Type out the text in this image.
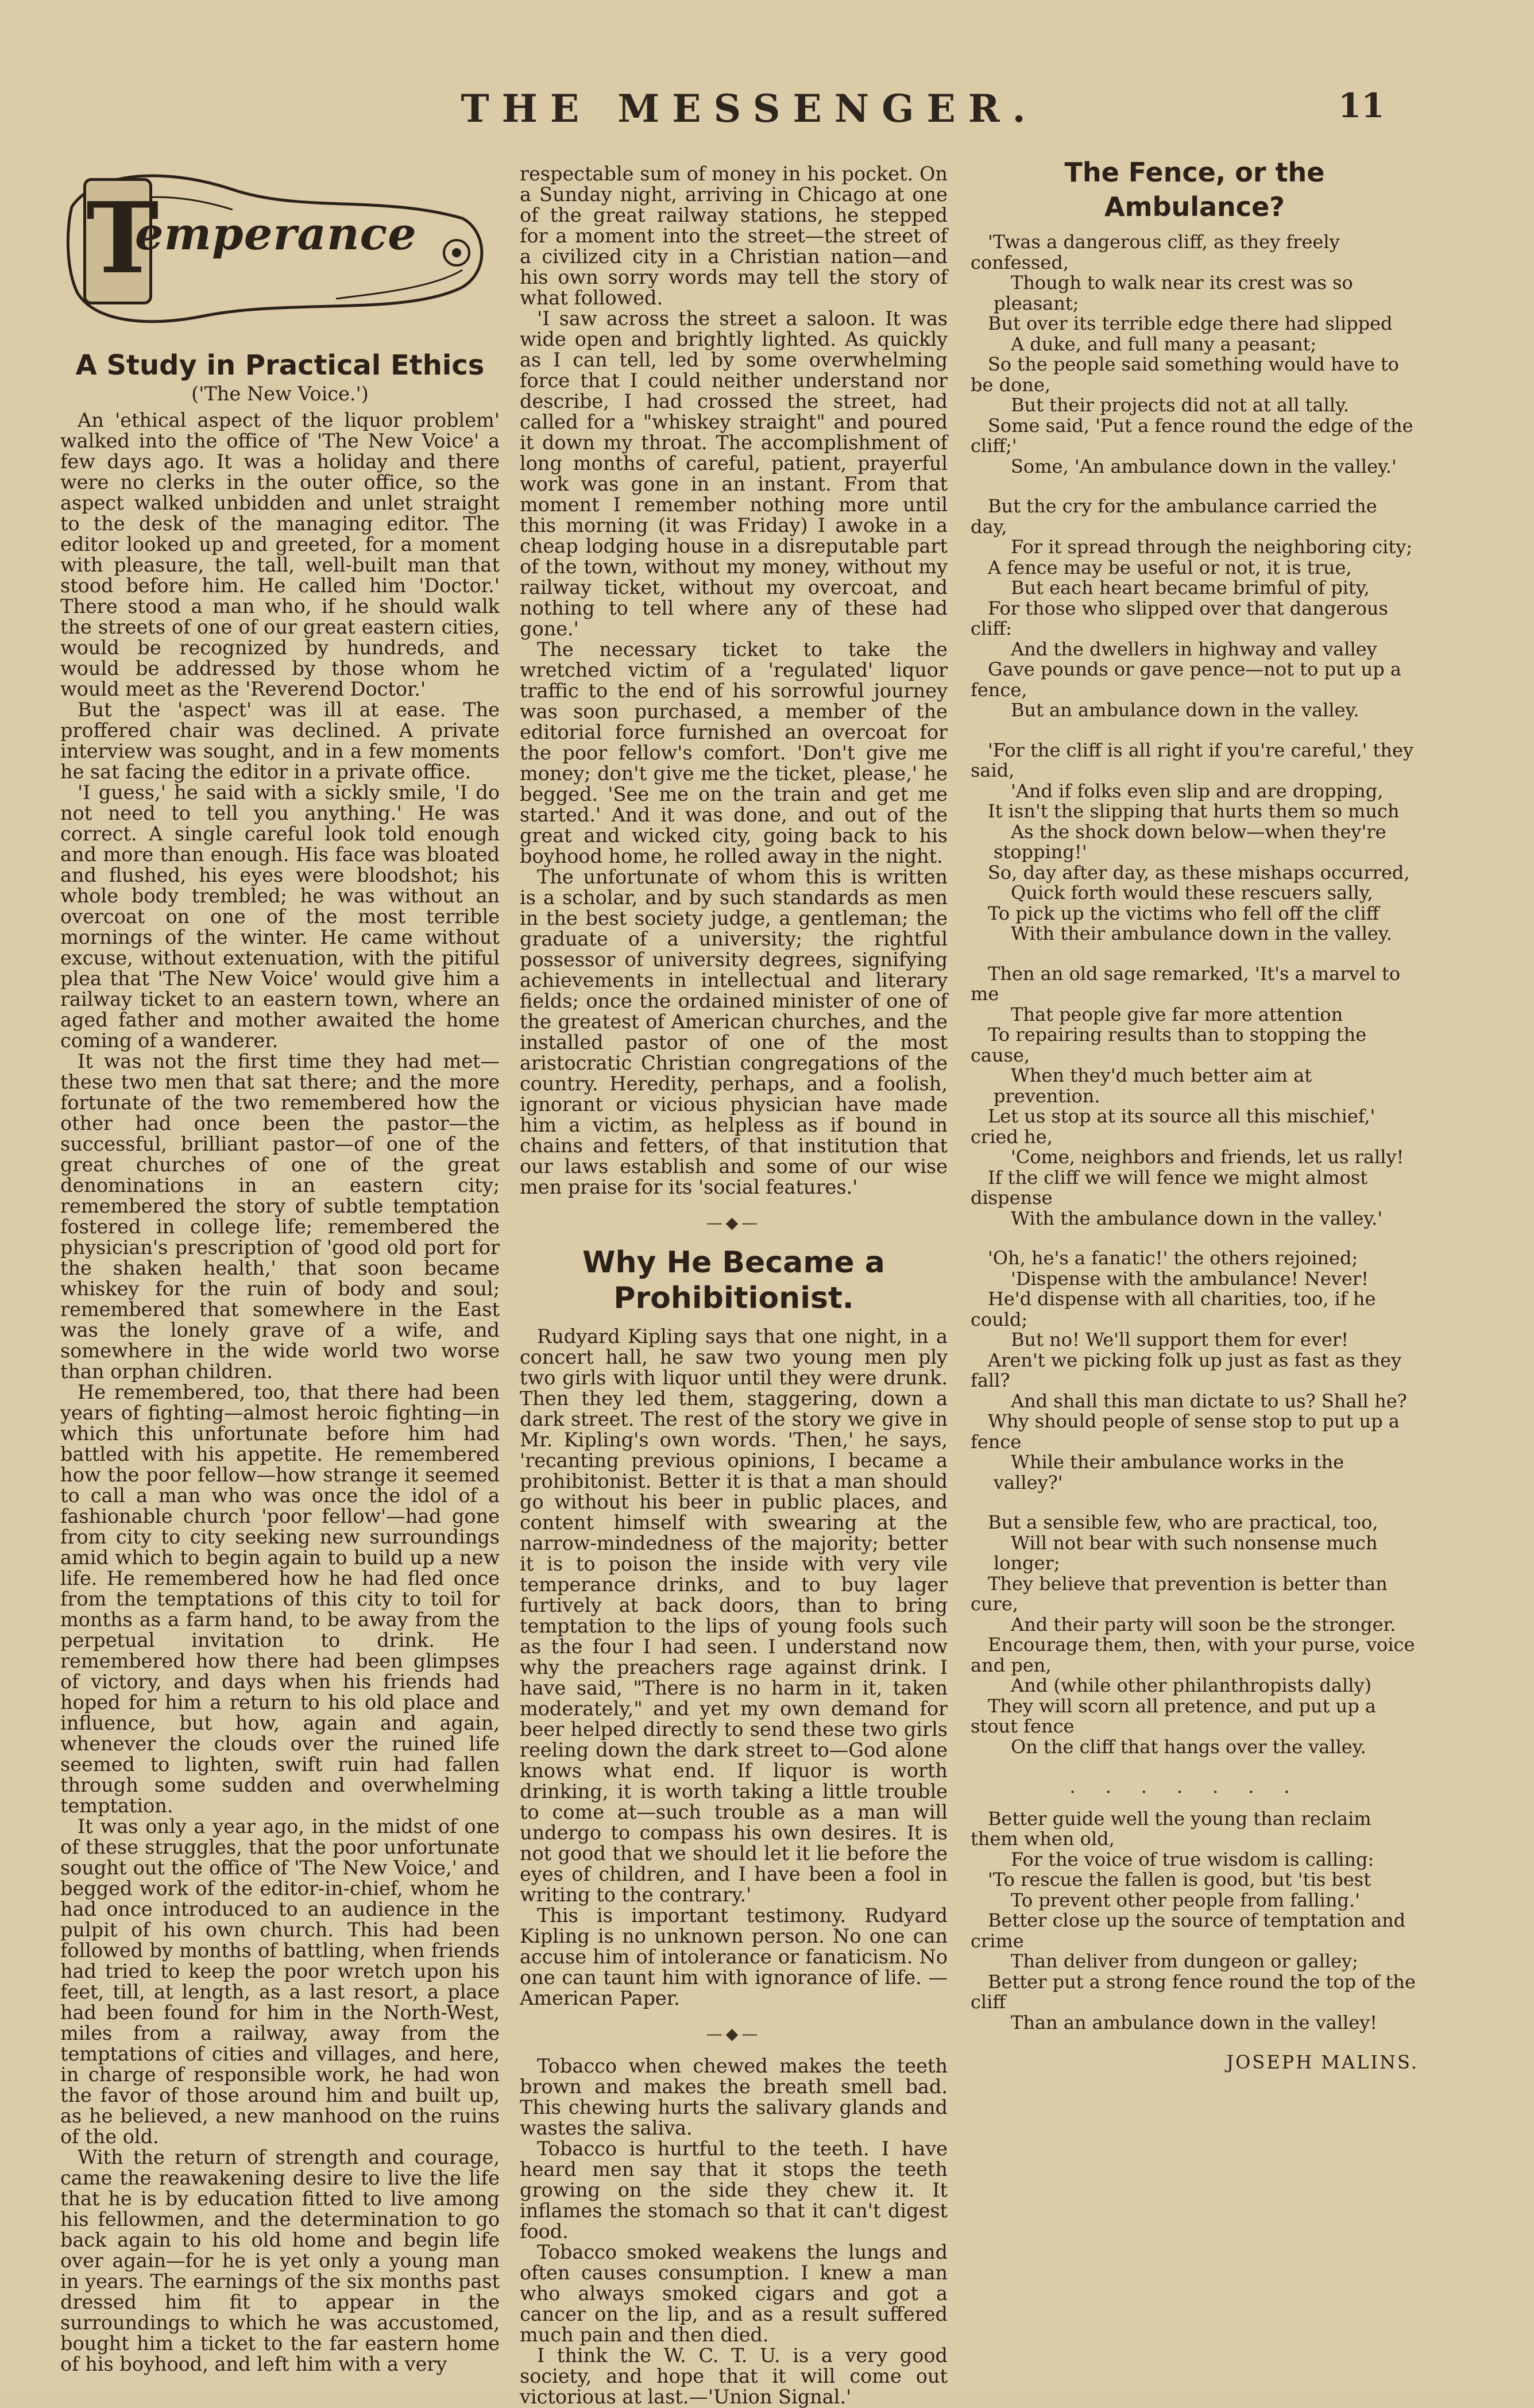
THE MESSENGER.	11
T
emperance
A Study in Practical Ethics

('The New Voice.')

An 'ethical aspect of the liquor problem' walked into the office of 'The New Voice' a few days ago. It was a holiday and there were no clerks in the outer office, so the aspect walked unbidden and unlet straight to the desk of the managing editor. The editor looked up and greeted, for a moment with pleasure, the tall, well-built man that stood before him. He called him 'Doctor.' There stood a man who, if he should walk the streets of one of our great eastern cities, would be recognized by hundreds, and would be addressed by those whom he would meet as the 'Reverend Doctor.'

But the 'aspect' was ill at ease. The proffered chair was declined. A private interview was sought, and in a few moments he sat facing the editor in a private office.

'I guess,' he said with a sickly smile, 'I do not need to tell you anything.' He was correct. A single careful look told enough and more than enough. His face was bloated and flushed, his eyes were bloodshot; his whole body trembled; he was without an overcoat on one of the most terrible mornings of the winter. He came without excuse, without extenuation, with the pitiful plea that 'The New Voice' would give him a railway ticket to an eastern town, where an aged father and mother awaited the home coming of a wanderer.

It was not the first time they had met—these two men that sat there; and the more fortunate of the two remembered how the other had once been the pastor—the successful, brilliant pastor—of one of the great churches of one of the great denominations in an eastern city; remembered the story of subtle temptation fostered in college life; remembered the physician's prescription of 'good old port for the shaken health,' that soon became whiskey for the ruin of body and soul; remembered that somewhere in the East was the lonely grave of a wife, and somewhere in the wide world two worse than orphan children.

He remembered, too, that there had been years of fighting—almost heroic fighting—in which this unfortunate before him had battled with his appetite. He remembered how the poor fellow—how strange it seemed to call a man who was once the idol of a fashionable church 'poor fellow'—had gone from city to city seeking new surroundings amid which to begin again to build up a new life. He remembered how he had fled once from the temptations of this city to toil for months as a farm hand, to be away from the perpetual invitation to drink. He remembered how there had been glimpses of victory, and days when his friends had hoped for him a return to his old place and influence, but how, again and again, whenever the clouds over the ruined life seemed to lighten, swift ruin had fallen through some sudden and overwhelming temptation.

It was only a year ago, in the midst of one of these struggles, that the poor unfortunate sought out the office of 'The New Voice,' and begged work of the editor-in-chief, whom he had once introduced to an audience in the pulpit of his own church. This had been followed by months of battling, when friends had tried to keep the poor wretch upon his feet, till, at length, as a last resort, a place had been found for him in the North-West, miles from a railway, away from the temptations of cities and villages, and here, in charge of responsible work, he had won the favor of those around him and built up, as he believed, a new manhood on the ruins of the old.

With the return of strength and courage, came the reawakening desire to live the life that he is by education fitted to live among his fellowmen, and the determination to go back again to his old home and begin life over again—for he is yet only a young man in years. The earnings of the six months past dressed him fit to appear in the surroundings to which he was accustomed, bought him a ticket to the far eastern home of his boyhood, and left him with a very

respectable sum of money in his pocket. On a Sunday night, arriving in Chicago at one of the great railway stations, he stepped for a moment into the street—the street of a civilized city in a Christian nation—and his own sorry words may tell the story of what followed.

'I saw across the street a saloon. It was wide open and brightly lighted. As quickly as I can tell, led by some overwhelming force that I could neither understand nor describe, I had crossed the street, had called for a "whiskey straight" and poured it down my throat. The accomplishment of long months of careful, patient, prayerful work was gone in an instant. From that moment I remember nothing more until this morning (it was Friday) I awoke in a cheap lodging house in a disreputable part of the town, without my money, without my railway ticket, without my overcoat, and nothing to tell where any of these had gone.'

The necessary ticket to take the wretched victim of a 'regulated' liquor traffic to the end of his sorrowful journey was soon purchased, a member of the editorial force furnished an overcoat for the poor fellow's comfort. 'Don't give me money; don't give me the ticket, please,' he begged. 'See me on the train and get me started.' And it was done, and out of the great and wicked city, going back to his boyhood home, he rolled away in the night.

The unfortunate of whom this is written is a scholar, and by such standards as men in the best society judge, a gentleman; the graduate of a university; the rightful possessor of university degrees, signifying achievements in intellectual and literary fields; once the ordained minister of one of the greatest of American churches, and the installed pastor of one of the most aristocratic Christian congregations of the country. Heredity, perhaps, and a foolish, ignorant or vicious physician have made him a victim, as helpless as if bound in chains and fetters, of that institution that our laws establish and some of our wise men praise for its 'social features.'

—◆—
Why He Became a Prohibitionist.

Rudyard Kipling says that one night, in a concert hall, he saw two young men ply two girls with liquor until they were drunk. Then they led them, staggering, down a dark street. The rest of the story we give in Mr. Kipling's own words. 'Then,' he says, 'recanting previous opinions, I became a prohibitonist. Better it is that a man should go without his beer in public places, and content himself with swearing at the narrow-mindedness of the majority; better it is to poison the inside with very vile temperance drinks, and to buy lager furtively at back doors, than to bring temptation to the lips of young fools such as the four I had seen. I understand now why the preachers rage against drink. I have said, "There is no harm in it, taken moderately," and yet my own demand for beer helped directly to send these two girls reeling down the dark street to—God alone knows what end. If liquor is worth drinking, it is worth taking a little trouble to come at—such trouble as a man will undergo to compass his own desires. It is not good that we should let it lie before the eyes of children, and I have been a fool in writing to the contrary.'

This is important testimony. Rudyard Kipling is no unknown person. No one can accuse him of intolerance or fanaticism. No one can taunt him with ignorance of life. —American Paper.

—◆—

Tobacco when chewed makes the teeth brown and makes the breath smell bad. This chewing hurts the salivary glands and wastes the saliva.

Tobacco is hurtful to the teeth. I have heard men say that it stops the teeth growing on the side they chew it. It inflames the stomach so that it can't digest food.

Tobacco smoked weakens the lungs and often causes consumption. I knew a man who always smoked cigars and got a cancer on the lip, and as a result suffered much pain and then died.

I think the W. C. T. U. is a very good society, and hope that it will come out victorious at last.—'Union Signal.'

The Fence, or the Ambulance?

'Twas a dangerous cliff, as they freely confessed,

Though to walk near its crest was so pleasant;

But over its terrible edge there had slipped

A duke, and full many a peasant;

So the people said something would have to be done,

But their projects did not at all tally.

Some said, 'Put a fence round the edge of the cliff;'

Some, 'An ambulance down in the valley.'

But the cry for the ambulance carried the day,

For it spread through the neighboring city;

A fence may be useful or not, it is true,

But each heart became brimful of pity,

For those who slipped over that dangerous cliff:

And the dwellers in highway and valley

Gave pounds or gave pence—not to put up a fence,

But an ambulance down in the valley.

'For the cliff is all right if you're careful,' they said,

'And if folks even slip and are dropping,

It isn't the slipping that hurts them so much

As the shock down below—when they're stopping!'

So, day after day, as these mishaps occurred,

Quick forth would these rescuers sally,

To pick up the victims who fell off the cliff

With their ambulance down in the valley.

Then an old sage remarked, 'It's a marvel to me

That people give far more attention

To repairing results than to stopping the cause,

When they'd much better aim at prevention.

Let us stop at its source all this mischief,' cried he,

'Come, neighbors and friends, let us rally!

If the cliff we will fence we might almost dispense

With the ambulance down in the valley.'

'Oh, he's a fanatic!' the others rejoined;

'Dispense with the ambulance! Never!

He'd dispense with all charities, too, if he could;

But no! We'll support them for ever!

Aren't we picking folk up just as fast as they fall?

And shall this man dictate to us? Shall he?

Why should people of sense stop to put up a fence

While their ambulance works in the valley?'

But a sensible few, who are practical, too,

Will not bear with such nonsense much longer;

They believe that prevention is better than cure,

And their party will soon be the stronger.

Encourage them, then, with your purse, voice and pen,

And (while other philanthropists dally)

They will scorn all pretence, and put up a stout fence

On the cliff that hangs over the valley.

.......

Better guide well the young than reclaim them when old,

For the voice of true wisdom is calling:

'To rescue the fallen is good, but 'tis best

To prevent other people from falling.'

Better close up the source of temptation and crime

Than deliver from dungeon or galley;

Better put a strong fence round the top of the cliff

Than an ambulance down in the valley!

JOSEPH MALINS.
